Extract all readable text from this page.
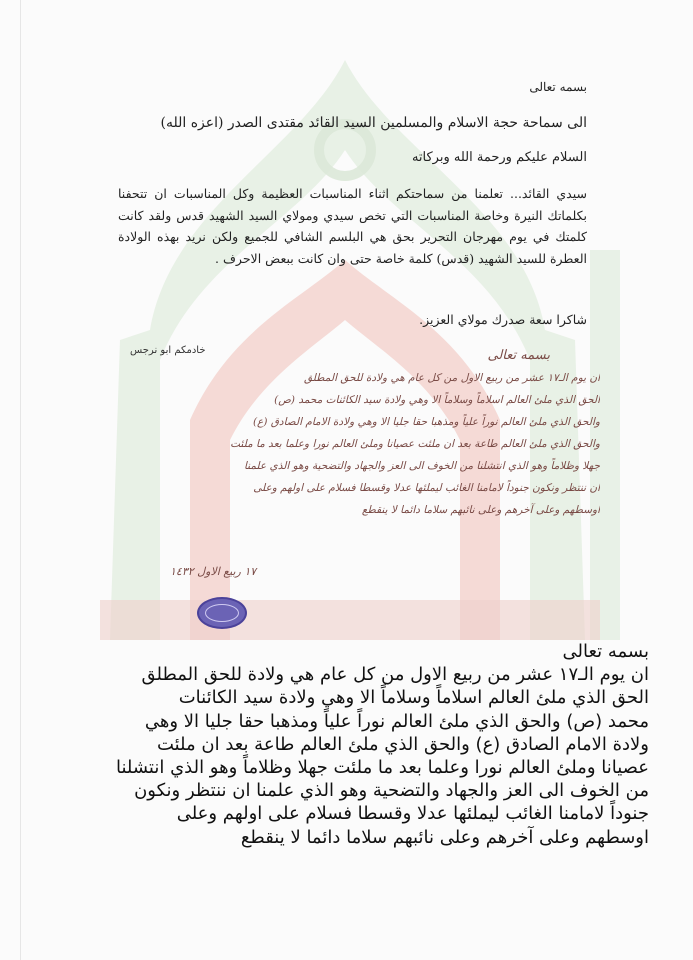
بسمه تعالى
الى سماحة حجة الاسلام والمسلمين السيد القائد مقتدى الصدر (اعزه الله)
السلام عليكم ورحمة الله وبركاته
سيدي القائد... تعلمنا من سماحتكم اثناء المناسبات العظيمة وكل المناسبات ان تتحفنا بكلماتك النيرة وخاصة المناسبات التي تخص سيدي ومولاي السيد الشهيد قدس ولقد كانت كلمتك في يوم مهرجان التحرير بحق هي البلسم الشافي للجميع ولكن نريد بهذه الولادة العطرة للسيد الشهيد (قدس) كلمة خاصة حتى وان كانت ببعض الاحرف .
شاكرا سعة صدرك مولاي العزيز.
خادمكم ابو نرجس	بسمه تعالى
ان يوم الـ١٧ عشر من ربيع الاول من كل عام هي ولادة للحق المطلق
الحق الذي ملئ العالم اسلاماً وسلاماً الا وهي ولادة سيد الكائنات محمد (ص)
والحق الذي ملئ العالم نوراً علياً ومذهبا حقا جليا الا وهي ولادة الامام الصادق (ع)
والحق الذي ملئ العالم طاعة بعد ان ملئت عصيانا وملئ العالم نورا وعلما بعد ما ملئت
جهلا وظلاماً وهو الذي انتشلنا من الخوف الى العز والجهاد والتضحية وهو الذي علمنا
ان ننتظر ونكون جنوداً لامامنا الغائب ليملئها عدلا وقسطا فسلام على اولهم وعلى
اوسطهم وعلى آخرهم وعلى نائبهم سلاما دائما لا ينقطع
١٧ ربيع الاول ١٤٣٢

بسمه تعالى

ان يوم الـ١٧ عشر من ربيع الاول من كل عام هي ولادة للحق المطلق

الحق الذي ملئ العالم اسلاماً وسلاماً الا وهي ولادة سيد الكائنات

محمد (ص) والحق الذي ملئ العالم نوراً علياً ومذهبا حقا جليا الا وهي

ولادة الامام الصادق (ع) والحق الذي ملئ العالم طاعة بعد ان ملئت

عصيانا وملئ العالم نورا وعلما بعد ما ملئت جهلا وظلاماً وهو الذي انتشلنا

من الخوف الى العز والجهاد والتضحية وهو الذي علمنا ان ننتظر ونكون

جنوداً لامامنا الغائب ليملئها عدلا وقسطا فسلام على اولهم وعلى

اوسطهم وعلى آخرهم وعلى نائبهم سلاما دائما لا ينقطع
